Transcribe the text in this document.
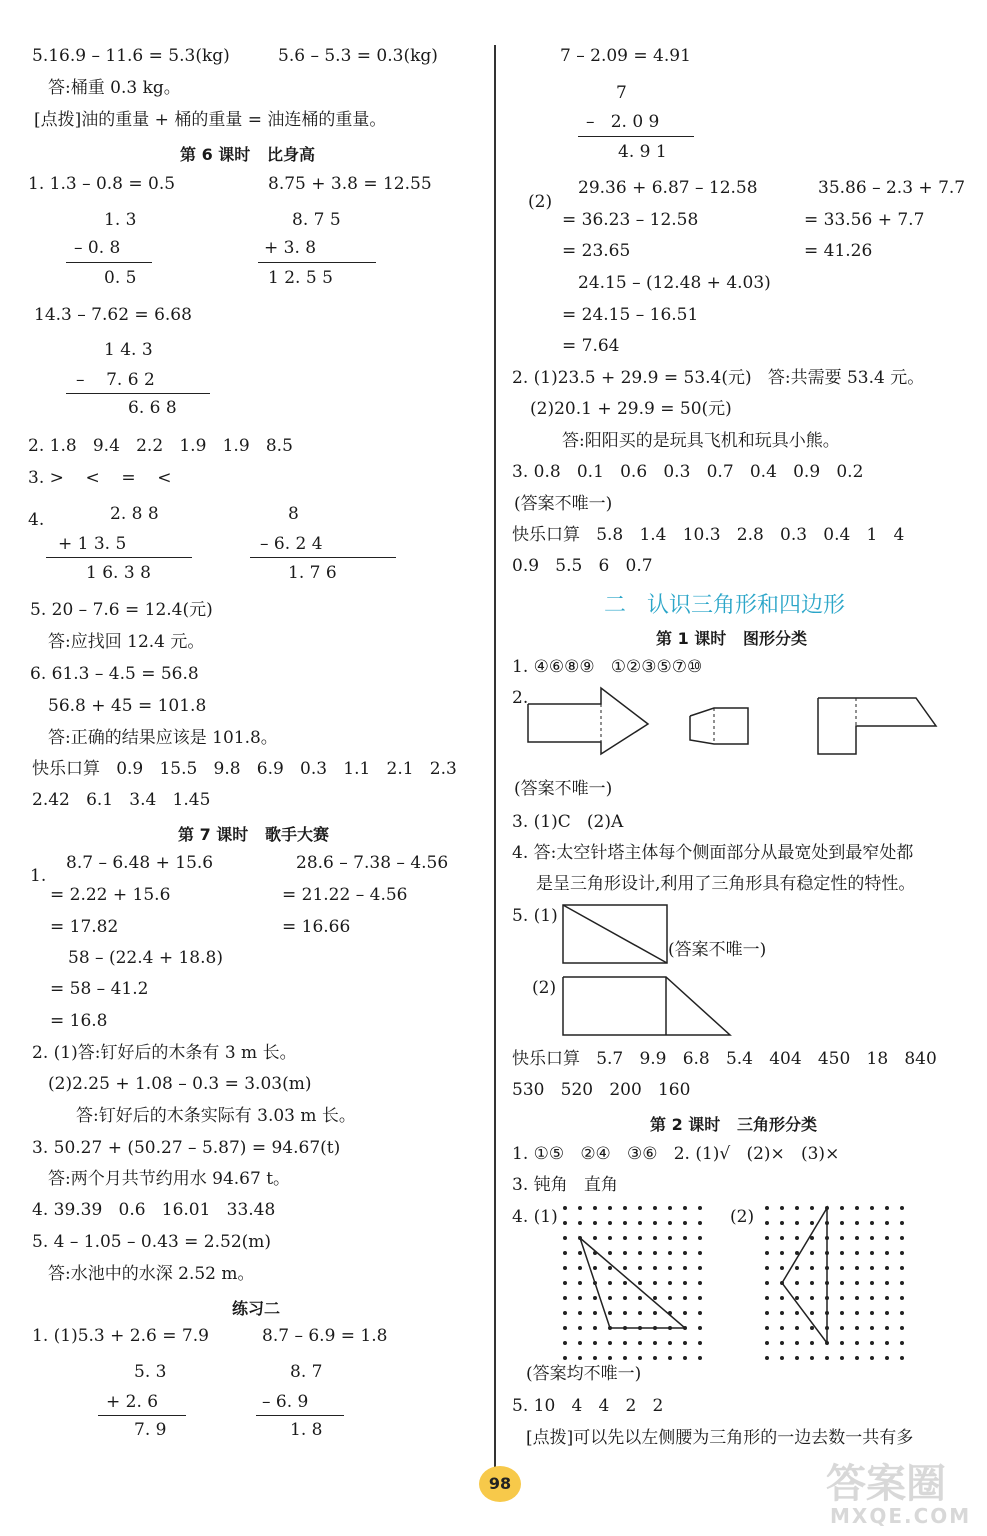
5.16.9 – 11.6 = 5.3(kg)	5.6 – 5.3 = 0.3(kg)
答:桶重 0.3 kg。
[点拨]油的重量 + 桶的重量 = 油连桶的重量。
第 6 课时   比身高
1. 1.3 – 0.8 = 0.5	8.75 + 3.8 = 12.55
1. 3
– 0. 8
0. 5
8. 7 5
+ 3. 8
1 2. 5 5
14.3 – 7.62 = 6.68
1 4. 3
–    7. 6 2
6. 6 8
2. 1.8   9.4   2.2   1.9   1.9   8.5
3. >    <    =    <
4.	2. 8 8
+ 1 3. 5
1 6. 3 8
8
– 6. 2 4
1. 7 6
5. 20 – 7.6 = 12.4(元)
答:应找回 12.4 元。
6. 61.3 – 4.5 = 56.8
56.8 + 45 = 101.8
答:正确的结果应该是 101.8。
快乐口算   0.9   15.5   9.8   6.9   0.3   1.1   2.1   2.3
2.42   6.1   3.4   1.45
第 7 课时   歌手大赛
1.
8.7 – 6.48 + 15.6	28.6 – 7.38 – 4.56
= 2.22 + 15.6	= 21.22 – 4.56
= 17.82	= 16.66
58 – (22.4 + 18.8)
= 58 – 41.2
= 16.8
2. (1)答:钉好后的木条有 3 m 长。
(2)2.25 + 1.08 – 0.3 = 3.03(m)
答:钉好后的木条实际有 3.03 m 长。
3. 50.27 + (50.27 – 5.87) = 94.67(t)
答:两个月共节约用水 94.67 t。
4. 39.39   0.6   16.01   33.48
5. 4 – 1.05 – 0.43 = 2.52(m)
答:水池中的水深 2.52 m。
练习二
1. (1)5.3 + 2.6 = 7.9	8.7 – 6.9 = 1.8
5. 3
+ 2. 6
7. 9
8. 7
– 6. 9
1. 8
7 – 2.09 = 4.91
7
–   2. 0 9
4. 9 1
(2)
29.36 + 6.87 – 12.58	35.86 – 2.3 + 7.7
= 36.23 – 12.58	= 33.56 + 7.7
= 23.65	= 41.26
24.15 – (12.48 + 4.03)
= 24.15 – 16.51
= 7.64
2. (1)23.5 + 29.9 = 53.4(元)   答:共需要 53.4 元。
(2)20.1 + 29.9 = 50(元)
答:阳阳买的是玩具飞机和玩具小熊。
3. 0.8   0.1   0.6   0.3   0.7   0.4   0.9   0.2
(答案不唯一)
快乐口算   5.8   1.4   10.3   2.8   0.3   0.4   1   4
0.9   5.5   6   0.7
二   认识三角形和四边形
第 1 课时   图形分类
1. ④⑥⑧⑨   ①②③⑤⑦⑩
2.
(答案不唯一)
3. (1)C   (2)A
4. 答:太空针塔主体每个侧面部分从最宽处到最窄处都
是呈三角形设计,利用了三角形具有稳定性的特性。
5. (1)
(答案不唯一)
(2)
快乐口算   5.7   9.9   6.8   5.4   404   450   18   840
530   520   200   160
第 2 课时   三角形分类
1. ①⑤   ②④   ③⑥   2. (1)√   (2)×   (3)×
3. 钝角   直角
4. (1)	(2)
(答案均不唯一)
5. 10   4   4   2   2
[点拨]可以先以左侧腰为三角形的一边去数一共有多
98	答案圈
MXQE.COM
